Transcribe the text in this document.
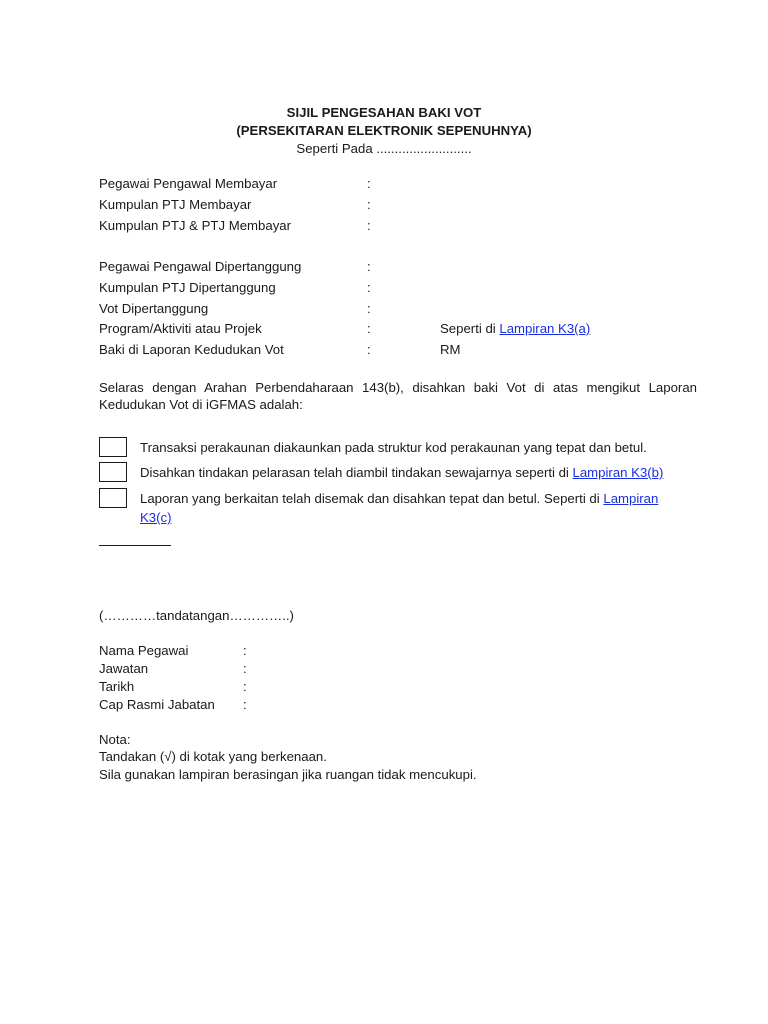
SIJIL PENGESAHAN BAKI VOT
(PERSEKITARAN ELEKTRONIK SEPENUHNYA)
Seperti Pada ..........................
Pegawai Pengawal Membayar	:
Kumpulan PTJ Membayar	:
Kumpulan PTJ & PTJ Membayar	:
Pegawai Pengawal Dipertanggung	:
Kumpulan PTJ Dipertanggung	:
Vot Dipertanggung	:
Program/Aktiviti atau Projek	:	Seperti di Lampiran K3(a)
Baki di Laporan Kedudukan Vot	:	RM
Selaras dengan Arahan Perbendaharaan 143(b), disahkan baki Vot di atas mengikut Laporan
Kedudukan Vot di iGFMAS adalah:
Transaksi perakaunan diakaunkan pada struktur kod perakaunan yang tepat dan betul.
Disahkan tindakan pelarasan telah diambil tindakan sewajarnya seperti di Lampiran K3(b)
Laporan yang berkaitan telah disemak dan disahkan tepat dan betul. Seperti di Lampiran
K3(c)
(…………tandatangan…………..)
Nama Pegawai	:
Jawatan	:
Tarikh	:
Cap Rasmi Jabatan :
Nota:
Tandakan (√) di kotak yang berkenaan.
Sila gunakan lampiran berasingan jika ruangan tidak mencukupi.
